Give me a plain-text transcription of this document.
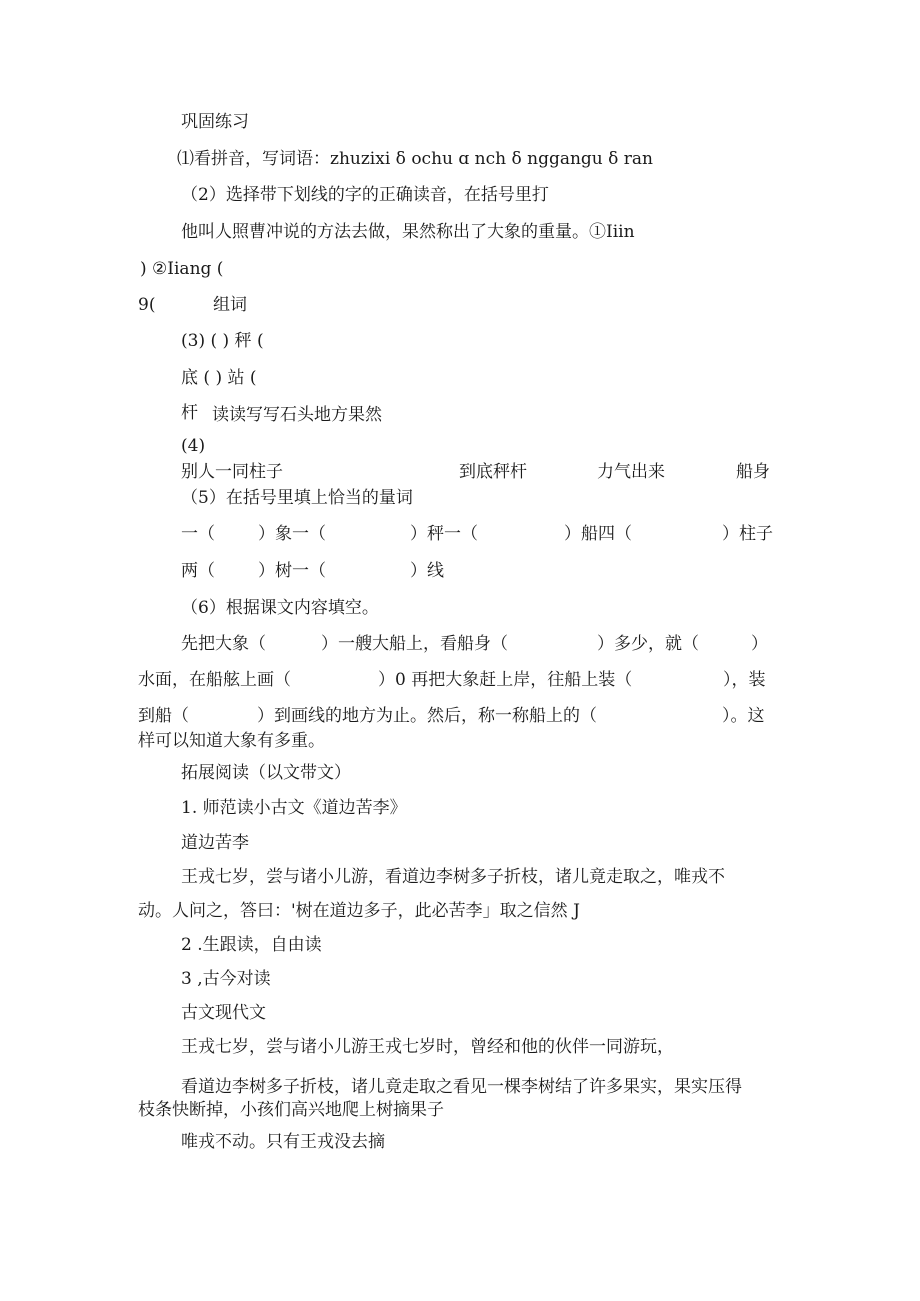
巩固练习
⑴看拼音，写词语：zhuzixi δ ochu ɑ nch δ nggangu δ ran
（2）选择带下划线的字的正确读音，在括号里打
他叫人照曹冲说的方法去做，果然称出了大象的重量。①Iiin
) ②Iiang (
9(	组词
(3) ( ) 秤 (
底 ( ) 站 (
杆 读读写写石头地方果然
(4)
别人一同柱子	到底秤杆	力气出来	船身
（5）在括号里填上恰当的量词
一（	）象一（	）秤一（	）船四（	）柱子
两（	）树一（	）线
（6）根据课文内容填空。
先把大象（	）一艘大船上，看船身（	）多少，就（	）
水面，在船舷上画（	）0 再把大象赶上岸，往船上装（	），装
到船（	）到画线的地方为止。然后，称一称船上的（	）。这
样可以知道大象有多重。
拓展阅读（以文带文）
1. 师范读小古文《道边苦李》
道边苦李
王戎七岁，尝与诸小儿游，看道边李树多子折枝，诸儿竟走取之，唯戎不
动。人问之，答曰：'树在道边多子，此必苦李」取之信然 J
2 .生跟读，自由读
3 ,古今对读
古文现代文
王戎七岁，尝与诸小儿游王戎七岁时，曾经和他的伙伴一同游玩，
看道边李树多子折枝，诸儿竟走取之看见一棵李树结了许多果实，果实压得
枝条快断掉，小孩们高兴地爬上树摘果子
唯戎不动。只有王戎没去摘
